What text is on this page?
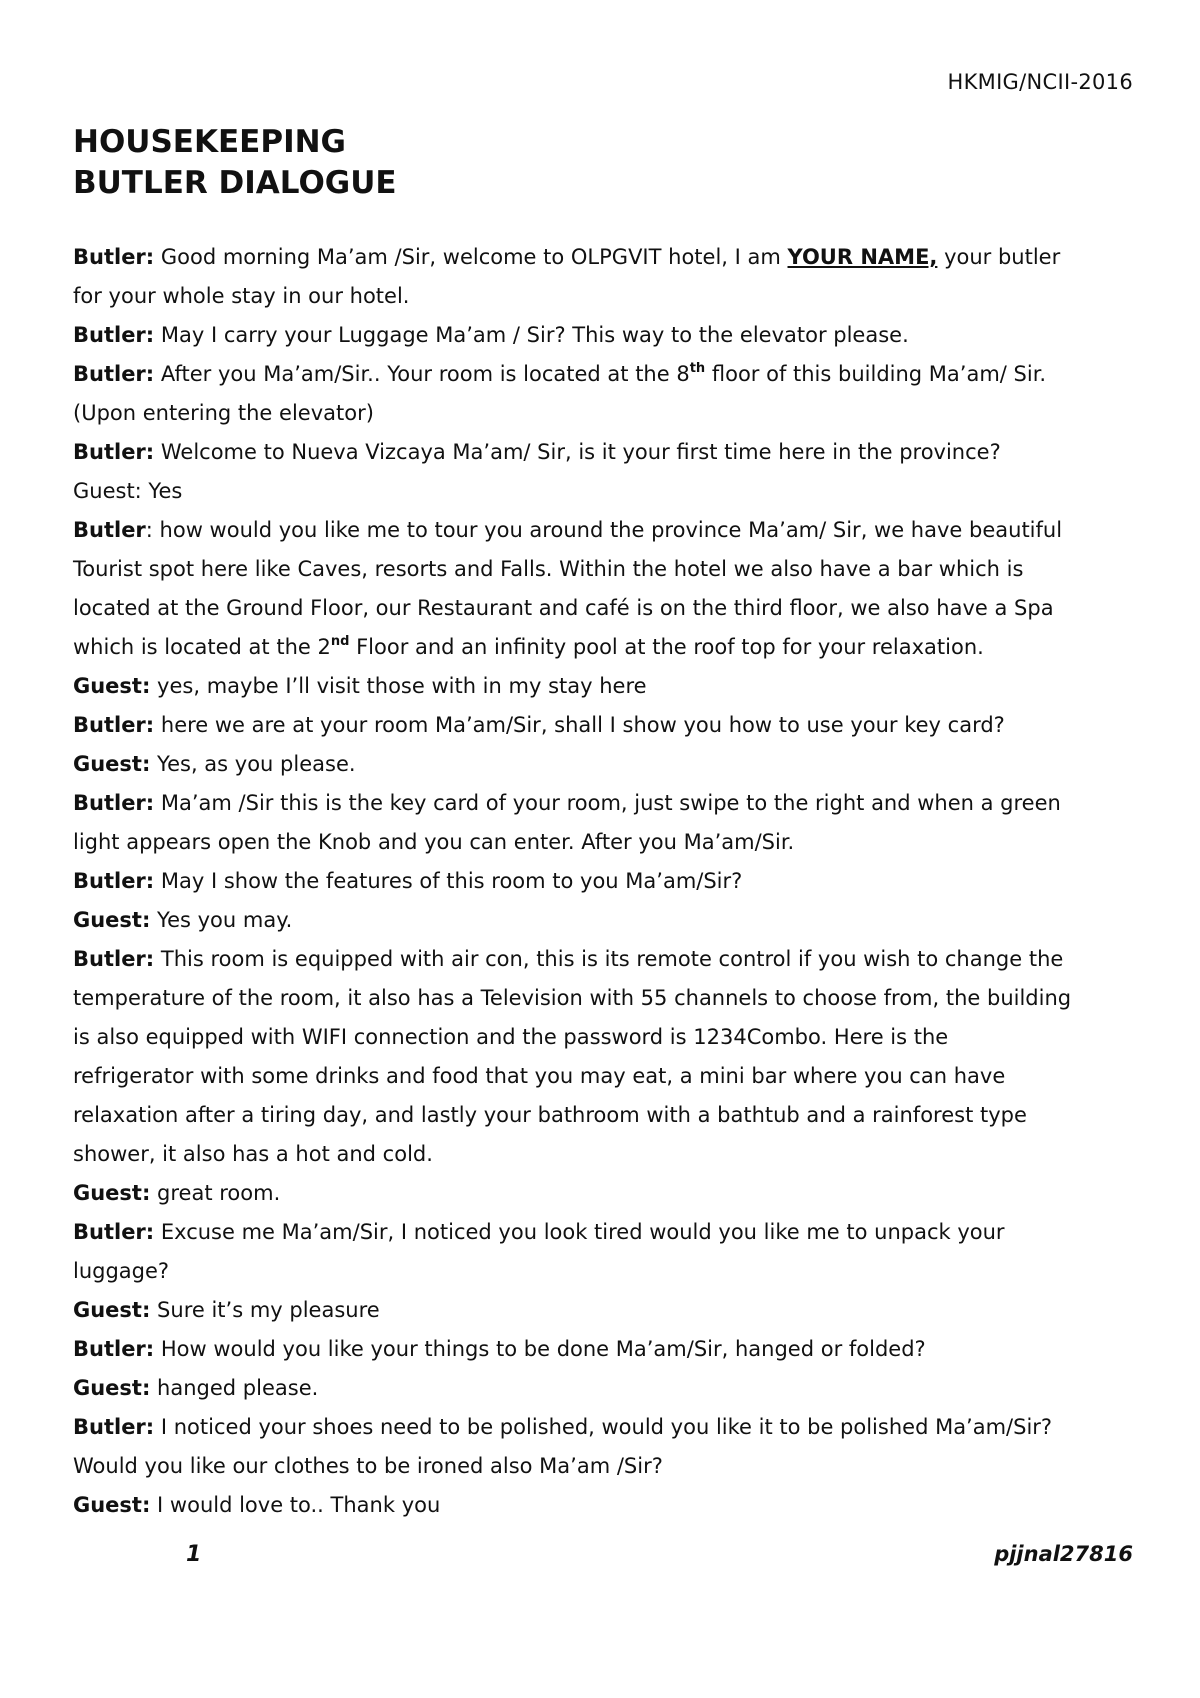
HKMIG/NCII-2016
HOUSEKEEPING
BUTLER DIALOGUE
Butler: Good morning Ma’am /Sir, welcome to OLPGVIT hotel, I am YOUR NAME, your butler
for your whole stay in our hotel.
Butler: May I carry your Luggage Ma’am / Sir? This way to the elevator please.
Butler: After you Ma’am/Sir.. Your room is located at the 8th floor of this building Ma’am/ Sir.
(Upon entering the elevator)
Butler: Welcome to Nueva Vizcaya Ma’am/ Sir, is it your first time here in the province?
Guest: Yes
Butler: how would you like me to tour you around the province Ma’am/ Sir, we have beautiful
Tourist spot here like Caves, resorts and Falls. Within the hotel we also have a bar which is
located at the Ground Floor, our Restaurant and café is on the third floor, we also have a Spa
which is located at the 2nd Floor and an infinity pool at the roof top for your relaxation.
Guest: yes, maybe I’ll visit those with in my stay here
Butler: here we are at your room Ma’am/Sir, shall I show you how to use your key card?
Guest: Yes, as you please.
Butler: Ma’am /Sir this is the key card of your room, just swipe to the right and when a green
light appears open the Knob and you can enter. After you Ma’am/Sir.
Butler: May I show the features of this room to you Ma’am/Sir?
Guest: Yes you may.
Butler: This room is equipped with air con, this is its remote control if you wish to change the
temperature of the room, it also has a Television with 55 channels to choose from, the building
is also equipped with WIFI connection and the password is 1234Combo. Here is the
refrigerator with some drinks and food that you may eat, a mini bar where you can have
relaxation after a tiring day, and lastly your bathroom with a bathtub and a rainforest type
shower, it also has a hot and cold.
Guest: great room.
Butler: Excuse me Ma’am/Sir, I noticed you look tired would you like me to unpack your
luggage?
Guest: Sure it’s my pleasure
Butler: How would you like your things to be done Ma’am/Sir, hanged or folded?
Guest: hanged please.
Butler: I noticed your shoes need to be polished, would you like it to be polished Ma’am/Sir?
Would you like our clothes to be ironed also Ma’am /Sir?
Guest: I would love to.. Thank you
1	pjjnal27816
